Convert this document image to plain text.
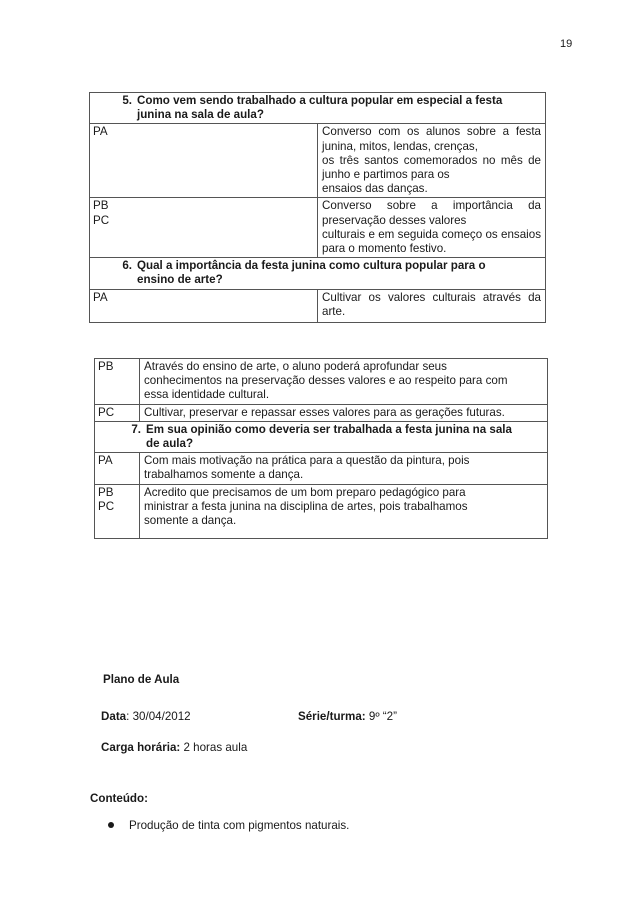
19
5. Como vem sendo trabalhado a cultura popular em especial a festa
junina na sala de aula?	

PA	Converso com os alunos sobre a festa junina, mitos, lendas, crenças,
os três santos comemorados no mês de junho e partimos para os
ensaios das danças.

PB
PC	Converso sobre a importância da preservação desses valores
culturais e em seguida começo os ensaios para o momento festivo.

6. Qual a importância da festa junina como cultura popular para o
ensino de arte?	

PA	Cultivar os valores culturais através da arte.
PB	Através do ensino de arte, o aluno poderá aprofundar seus
conhecimentos na preservação desses valores e ao respeito para com
essa identidade cultural.

PC	Cultivar, preservar e repassar esses valores para as gerações futuras.

7. Em sua opinião como deveria ser trabalhada a festa junina na sala
de aula?	

PA	Com mais motivação na prática para a questão da pintura, pois
trabalhamos somente a dança.

PB
PC	Acredito que precisamos de um bom preparo pedagógico para
ministrar a festa junina na disciplina de artes, pois trabalhamos
somente a dança.
Plano de Aula
Data: 30/04/2012	Série/turma: 9º “2”
Carga horária: 2 horas aula
Conteúdo:
Produção de tinta com pigmentos naturais.
